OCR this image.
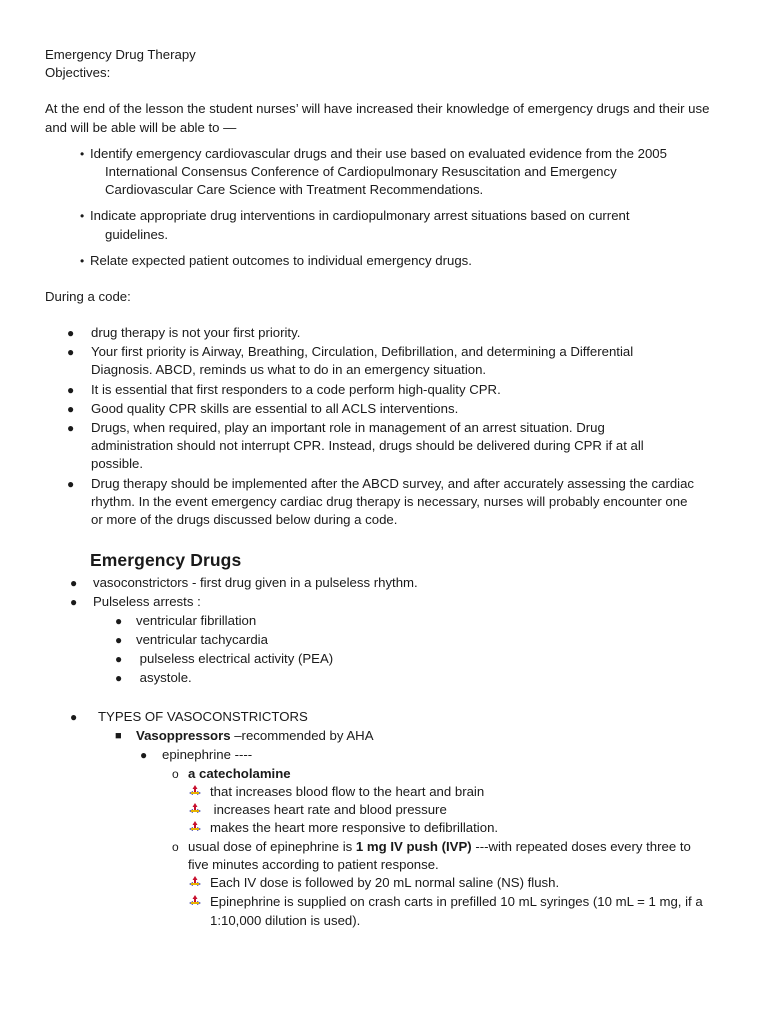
Emergency Drug Therapy
Objectives:
At the end of the lesson the student nurses’ will have increased their knowledge of emergency drugs and their use and will be able will be able to —
• Identify emergency cardiovascular drugs and their use based on evaluated evidence from the 2005
International Consensus Conference of Cardiopulmonary Resuscitation and Emergency
Cardiovascular Care Science with Treatment Recommendations.
• Indicate appropriate drug interventions in cardiopulmonary arrest situations based on current
guidelines.
• Relate expected patient outcomes to individual emergency drugs.
During a code:
● drug therapy is not your first priority.
● Your first priority is Airway, Breathing, Circulation, Defibrillation, and determining a Differential
Diagnosis. ABCD, reminds us what to do in an emergency situation.
● It is essential that first responders to a code perform high-quality CPR.
● Good quality CPR skills are essential to all ACLS interventions.
● Drugs, when required, play an important role in management of an arrest situation. Drug
administration should not interrupt CPR. Instead, drugs should be delivered during CPR if at all
possible.
● Drug therapy should be implemented after the ABCD survey, and after accurately assessing the cardiac
rhythm. In the event emergency cardiac drug therapy is necessary, nurses will probably encounter one
or more of the drugs discussed below during a code.
Emergency Drugs
● vasoconstrictors - first drug given in a pulseless rhythm.
● Pulseless arrests :
● ventricular fibrillation
● ventricular tachycardia
● pulseless electrical activity (PEA)
● asystole.
● TYPES OF VASOCONSTRICTORS
■ Vasoppressors –recommended by AHA
● epinephrine ----
o a catecholamine
that increases blood flow to the heart and brain
increases heart rate and blood pressure
makes the heart more responsive to defibrillation.
o usual dose of epinephrine is 1 mg IV push (IVP) ---with repeated doses every three to
five minutes according to patient response.
Each IV dose is followed by 20 mL normal saline (NS) flush.
Epinephrine is supplied on crash carts in prefilled 10 mL syringes (10 mL = 1 mg, if a
1:10,000 dilution is used).
